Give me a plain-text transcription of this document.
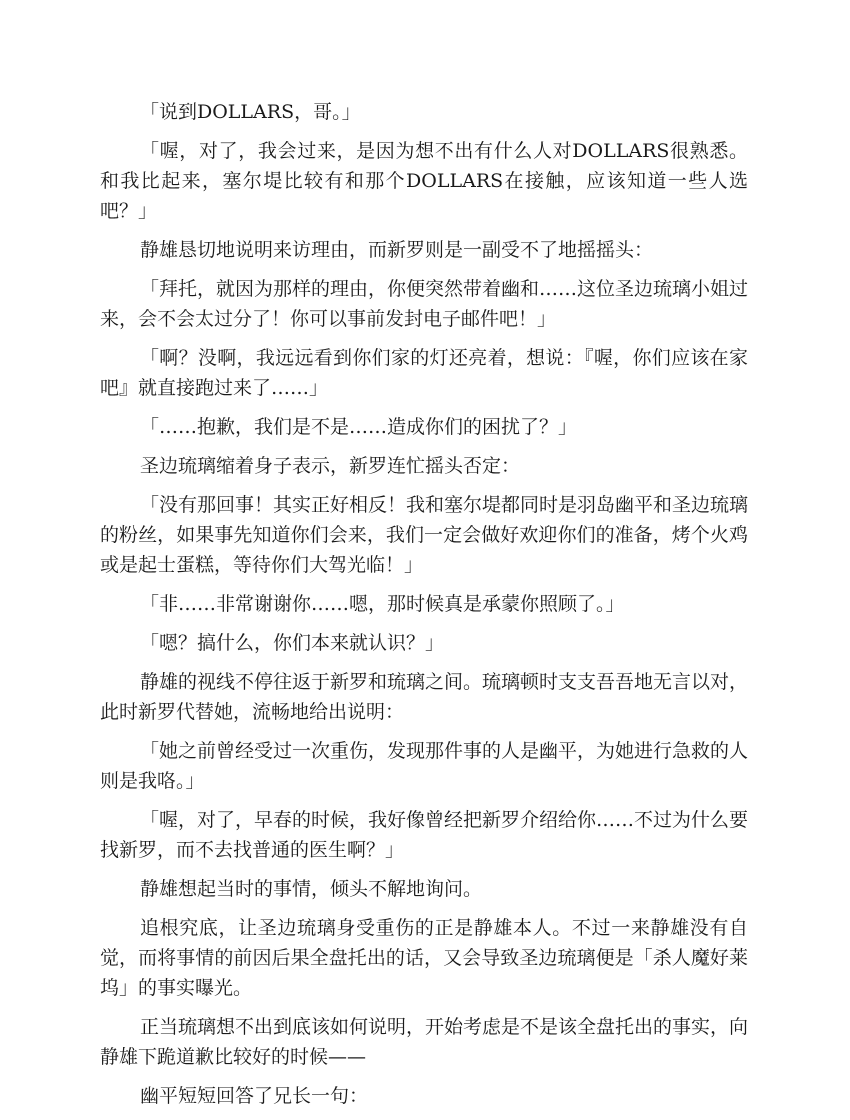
「说到DOLLARS，哥。」

「喔，对了，我会过来，是因为想不出有什么人对DOLLARS很熟悉。和我比起来，塞尔堤比较有和那个DOLLARS在接触，应该知道一些人选吧？」

静雄恳切地说明来访理由，而新罗则是一副受不了地摇摇头：

「拜托，就因为那样的理由，你便突然带着幽和……这位圣边琉璃小姐过来，会不会太过分了！你可以事前发封电子邮件吧！」

「啊？没啊，我远远看到你们家的灯还亮着，想说：『喔，你们应该在家吧』就直接跑过来了……」

「……抱歉，我们是不是……造成你们的困扰了？」

圣边琉璃缩着身子表示，新罗连忙摇头否定：

「没有那回事！其实正好相反！我和塞尔堤都同时是羽岛幽平和圣边琉璃的粉丝，如果事先知道你们会来，我们一定会做好欢迎你们的准备，烤个火鸡或是起士蛋糕，等待你们大驾光临！」

「非……非常谢谢你……嗯，那时候真是承蒙你照顾了。」

「嗯？搞什么，你们本来就认识？」

静雄的视线不停往返于新罗和琉璃之间。琉璃顿时支支吾吾地无言以对，此时新罗代替她，流畅地给出说明：

「她之前曾经受过一次重伤，发现那件事的人是幽平，为她进行急救的人则是我咯。」

「喔，对了，早春的时候，我好像曾经把新罗介绍给你……不过为什么要找新罗，而不去找普通的医生啊？」

静雄想起当时的事情，倾头不解地询问。

追根究底，让圣边琉璃身受重伤的正是静雄本人。不过一来静雄没有自觉，而将事情的前因后果全盘托出的话，又会导致圣边琉璃便是「杀人魔好莱坞」的事实曝光。

正当琉璃想不出到底该如何说明，开始考虑是不是该全盘托出的事实，向静雄下跪道歉比较好的时候——

幽平短短回答了兄长一句：
